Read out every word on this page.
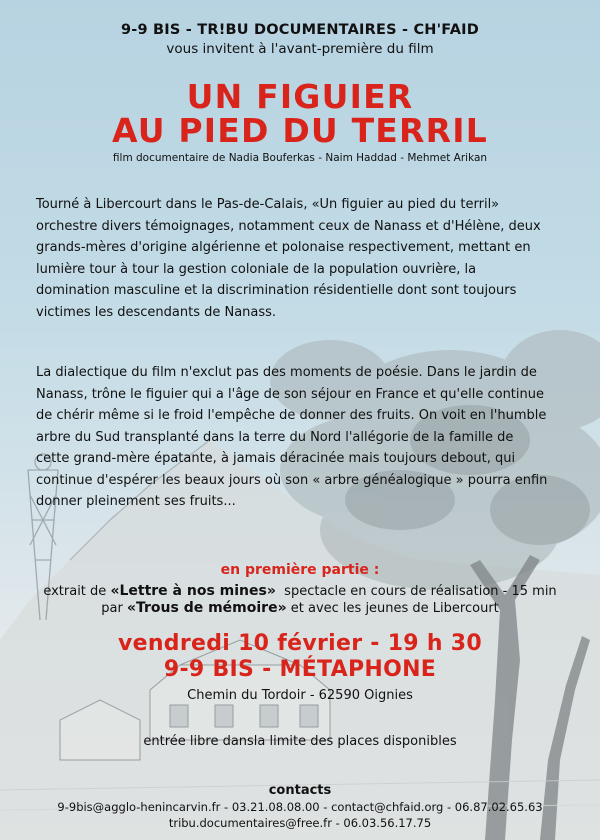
9-9 BIS - TR!BU DOCUMENTAIRES - CH'FAID
vous invitent à l'avant-première du film
UN FIGUIER
AU PIED DU TERRIL
film documentaire de Nadia Bouferkas - Naim Haddad - Mehmet Arikan
Tourné à Libercourt dans le Pas-de-Calais, «Un figuier au pied du terril»
orchestre divers témoignages, notamment ceux de Nanass et d'Hélène, deux
grands-mères d'origine algérienne et polonaise respectivement, mettant en
lumière tour à tour la gestion coloniale de la population ouvrière, la
domination masculine et la discrimination résidentielle dont sont toujours
victimes les descendants de Nanass.
La dialectique du film n'exclut pas des moments de poésie. Dans le jardin de
Nanass, trône le figuier qui a l'âge de son séjour en France et qu'elle continue
de chérir même si le froid l'empêche de donner des fruits. On voit en l'humble
arbre du Sud transplanté dans la terre du Nord l'allégorie de la famille de
cette grand-mère épatante, à jamais déracinée mais toujours debout, qui
continue d'espérer les beaux jours où son « arbre généalogique » pourra enfin
donner pleinement ses fruits...
en première partie :
extrait de «Lettre à nos mines»  spectacle en cours de réalisation - 15 min
par «Trous de mémoire» et avec les jeunes de Libercourt
vendredi 10 février - 19 h 30
9-9 BIS - MÉTAPHONE
Chemin du Tordoir - 62590 Oignies
entrée libre dansla limite des places disponibles
contacts
9-9bis@agglo-henincarvin.fr - 03.21.08.08.00 - contact@chfaid.org - 06.87.02.65.63
tribu.documentaires@free.fr - 06.03.56.17.75
